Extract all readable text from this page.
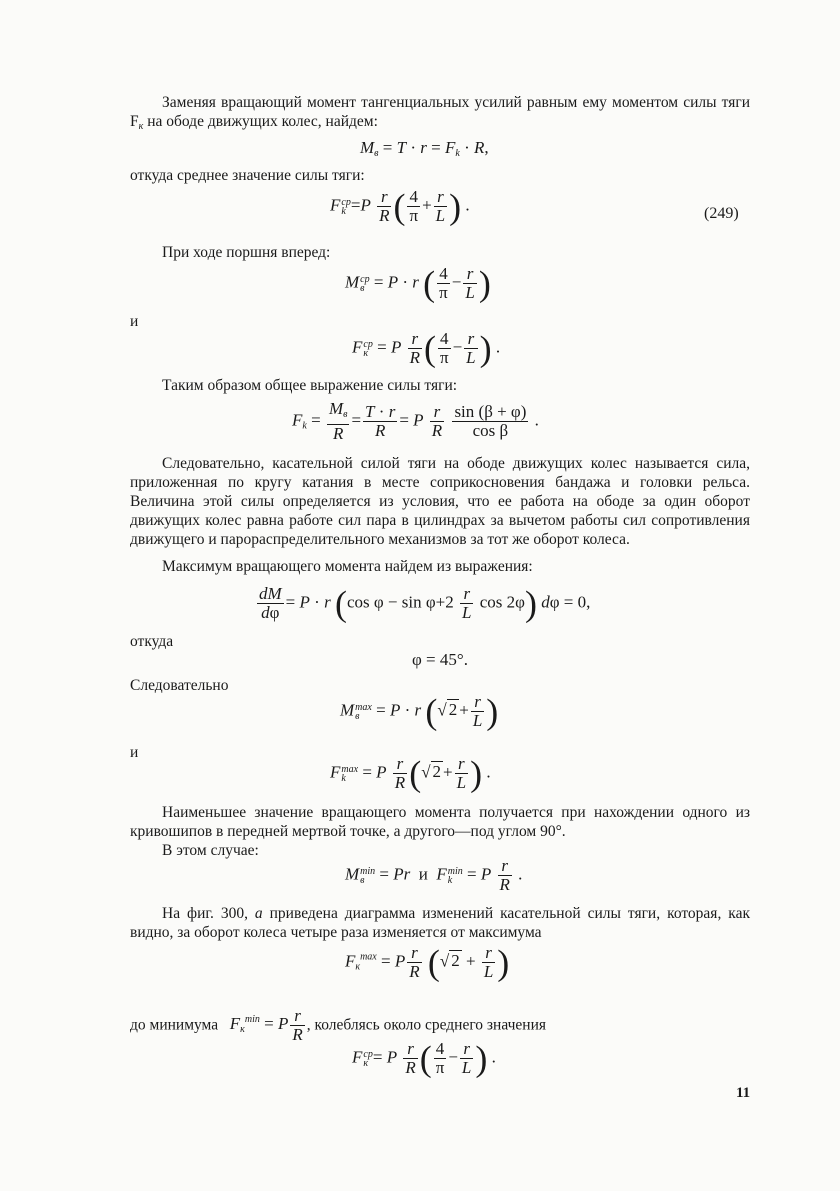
Заменяя вращающий момент тангенциальных усилий равным ему моментом силы тяги $F_к$ на ободе движущих колес, найдем:

$M_в = T \cdot r = F_k \cdot R$,

откуда среднее значение силы тяги:

F cp
$k =P \frac{r}{R}$ ( $\frac{4}{\pi} + \frac{r}{L}$ ) .	(249)

При ходе поршня вперед:

M cp
в = P · r ( $\frac{4}{\pi} - \frac{r}{L}$ )
и
F cp
к = P $\frac{r}{R}$ ( $\frac{4}{\pi} - \frac{r}{L}$ ) .

Таким образом общее выражение силы тяги:

$F_k = \frac{M_в}{R} = \frac{T \cdot r}{R} = P \frac{r}{R}$
$\frac{\sin (\beta + \varphi)}{\text{cos β}}$ .

Следовательно, касательной силой тяги на ободе движущих колес называется сила, приложенная по кругу катания в месте соприкосновения бандажа и головки рельса. Величина этой силы определяется из условия, что ее работа на ободе за один оборот движущих колес равна работе сил пара в цилиндрах за вычетом работы сил сопротивления движущего и парораспределительного механизмов за тот же оборот колеса.

Максимум вращающего момента найдем из выражения:

$\frac{dM}{d\varphi} = P \cdot r$ (cos $\varphi - \sin \varphi+2 \frac{r}{L}$ cos 2φ) dφ = 0,
откуда
φ = 45°.
Следовательно
M max
в = P · r (√ $2 + \frac{r}{L}$ )
и
F max
k = P $\frac{r}{R}$ (√ $2 + \frac{r}{L}$ ) .

Наименьшее значение вращающего момента получается при нахождении одного из кривошипов в передней мертвой точке, а другого—под углом 90°.

В этом случае:

M min
в = Pr и F min
k = P $\frac{r}{R}$ .

На фиг. 300, а приведена диаграмма изменений касательной силы тяги, которая, как видно, за оборот колеса четыре раза изменяется от максимума

$F_к^{max} = P \frac{r}{R}$ (√ $2 + \frac{r}{L}$ )
до минимума $F_к^{min} = P \frac{r}{R}$ , колеблясь около среднего значения
F cp
к = P $\frac{r}{R}$ ( $\frac{4}{\pi} - \frac{r}{L}$ ) .
11
